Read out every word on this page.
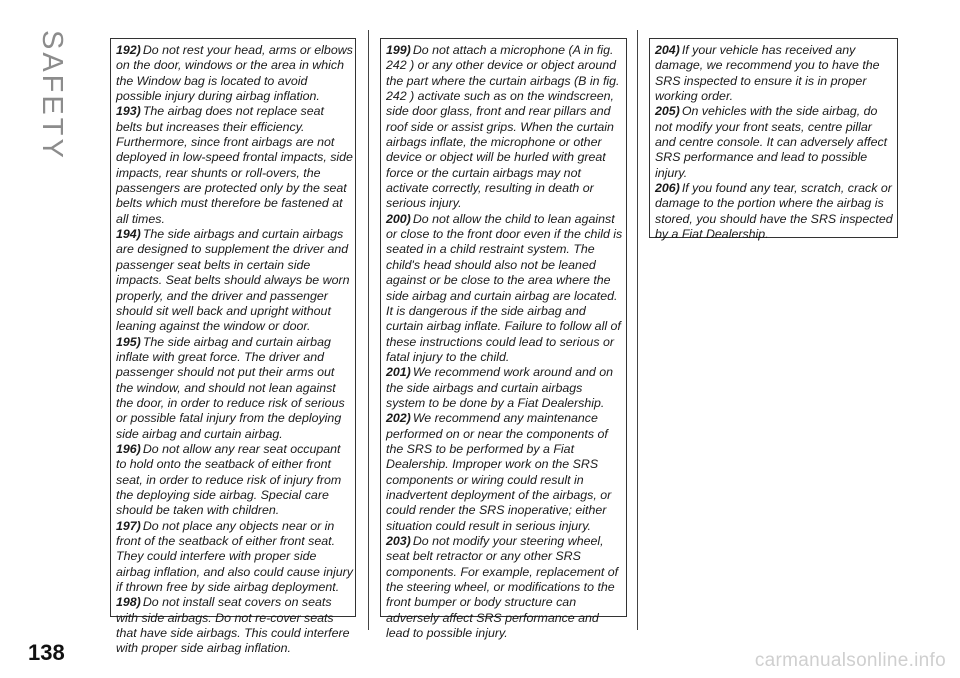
SAFETY	192) Do not rest your head, arms or elbows on the door, windows or the area in which the Window bag is located to avoid possible injury during airbag inflation.
193) The airbag does not replace seat belts but increases their efficiency. Furthermore, since front airbags are not deployed in low-speed frontal impacts, side impacts, rear shunts or roll-overs, the passengers are protected only by the seat belts which must therefore be fastened at all times.
194) The side airbags and curtain airbags are designed to supplement the driver and passenger seat belts in certain side impacts. Seat belts should always be worn properly, and the driver and passenger should sit well back and upright without leaning against the window or door.
195) The side airbag and curtain airbag inflate with great force. The driver and passenger should not put their arms out the window, and should not lean against the door, in order to reduce risk of serious or possible fatal injury from the deploying side airbag and curtain airbag.
196) Do not allow any rear seat occupant to hold onto the seatback of either front seat, in order to reduce risk of injury from the deploying side airbag. Special care should be taken with children.
197) Do not place any objects near or in front of the seatback of either front seat. They could interfere with proper side airbag inflation, and also could cause injury if thrown free by side airbag deployment.
198) Do not install seat covers on seats with side airbags. Do not re-cover seats that have side airbags. This could interfere with proper side airbag inflation.
199) Do not attach a microphone (A in fig. 242 ) or any other device or object around the part where the curtain airbags (B in fig. 242 ) activate such as on the windscreen, side door glass, front and rear pillars and roof side or assist grips. When the curtain airbags inflate, the microphone or other device or object will be hurled with great force or the curtain airbags may not activate correctly, resulting in death or serious injury.
200) Do not allow the child to lean against or close to the front door even if the child is seated in a child restraint system. The child's head should also not be leaned against or be close to the area where the side airbag and curtain airbag are located. It is dangerous if the side airbag and curtain airbag inflate. Failure to follow all of these instructions could lead to serious or fatal injury to the child.
201) We recommend work around and on the side airbags and curtain airbags system to be done by a Fiat Dealership.
202) We recommend any maintenance performed on or near the components of the SRS to be performed by a Fiat Dealership. Improper work on the SRS components or wiring could result in inadvertent deployment of the airbags, or could render the SRS inoperative; either situation could result in serious injury.
203) Do not modify your steering wheel, seat belt retractor or any other SRS components. For example, replacement of the steering wheel, or modifications to the front bumper or body structure can adversely affect SRS performance and lead to possible injury.
204) If your vehicle has received any damage, we recommend you to have the SRS inspected to ensure it is in proper working order.
205) On vehicles with the side airbag, do not modify your front seats, centre pillar and centre console. It can adversely affect SRS performance and lead to possible injury.
206) If you found any tear, scratch, crack or damage to the portion where the airbag is stored, you should have the SRS inspected by a Fiat Dealership.
138	carmanualsonline.info
